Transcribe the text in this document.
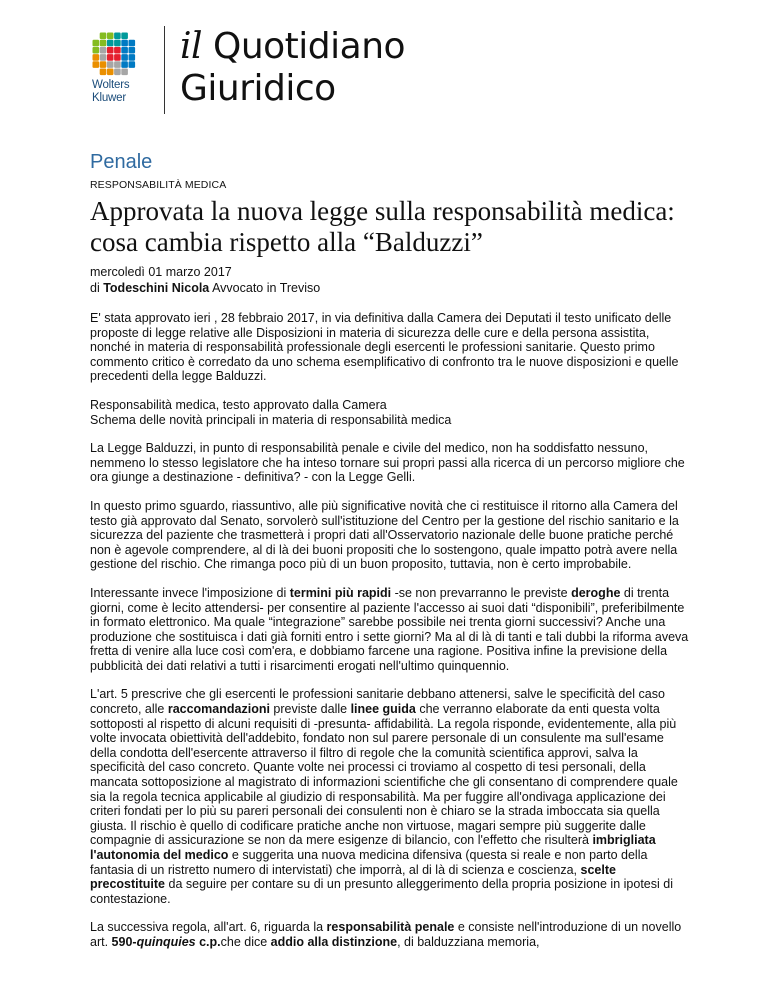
Wolters
Kluwer
il Quotidiano
Giuridico
Penale
RESPONSABILITÀ MEDICA
Approvata la nuova legge sulla responsabilità medica: cosa cambia rispetto alla “Balduzzi”
mercoledì 01 marzo 2017
di Todeschini Nicola Avvocato in Treviso

E' stata approvato ieri , 28 febbraio 2017, in via definitiva dalla Camera dei Deputati il testo unificato delle proposte di legge relative alle Disposizioni in materia di sicurezza delle cure e della persona assistita, nonché in materia di responsabilità professionale degli esercenti le professioni sanitarie. Questo primo commento critico è corredato da uno schema esemplificativo di confronto tra le nuove disposizioni e quelle precedenti della legge Balduzzi.

Responsabilità medica, testo approvato dalla Camera

Schema delle novità principali in materia di responsabilità medica

La Legge Balduzzi, in punto di responsabilità penale e civile del medico, non ha soddisfatto nessuno, nemmeno lo stesso legislatore che ha inteso tornare sui propri passi alla ricerca di un percorso migliore che ora giunge a destinazione - definitiva? - con la Legge Gelli.

In questo primo sguardo, riassuntivo, alle più significative novità che ci restituisce il ritorno alla Camera del testo già approvato dal Senato, sorvolerò sull'istituzione del Centro per la gestione del rischio sanitario e la sicurezza del paziente che trasmetterà i propri dati all'Osservatorio nazionale delle buone pratiche perché non è agevole comprendere, al di là dei buoni propositi che lo sostengono, quale impatto potrà avere nella gestione del rischio. Che rimanga poco più di un buon proposito, tuttavia, non è certo improbabile.

Interessante invece l'imposizione di termini più rapidi -se non prevarranno le previste deroghe di trenta giorni, come è lecito attendersi- per consentire al paziente l'accesso ai suoi dati “disponibili”, preferibilmente in formato elettronico. Ma quale “integrazione” sarebbe possibile nei trenta giorni successivi? Anche una produzione che sostituisca i dati già forniti entro i sette giorni? Ma al di là di tanti e tali dubbi la riforma aveva fretta di venire alla luce così com'era, e dobbiamo farcene una ragione. Positiva infine la previsione della pubblicità dei dati relativi a tutti i risarcimenti erogati nell'ultimo quinquennio.

L'art. 5 prescrive che gli esercenti le professioni sanitarie debbano attenersi, salve le specificità del caso concreto, alle raccomandazioni previste dalle linee guida che verranno elaborate da enti questa volta sottoposti al rispetto di alcuni requisiti di -presunta- affidabilità. La regola risponde, evidentemente, alla più volte invocata obiettività dell'addebito, fondato non sul parere personale di un consulente ma sull'esame della condotta dell'esercente attraverso il filtro di regole che la comunità scientifica approvi, salva la specificità del caso concreto. Quante volte nei processi ci troviamo al cospetto di tesi personali, della mancata sottoposizione al magistrato di informazioni scientifiche che gli consentano di comprendere quale sia la regola tecnica applicabile al giudizio di responsabilità. Ma per fuggire all'ondivaga applicazione dei criteri fondati per lo più su pareri personali dei consulenti non è chiaro se la strada imboccata sia quella giusta. Il rischio è quello di codificare pratiche anche non virtuose, magari sempre più suggerite dalle compagnie di assicurazione se non da mere esigenze di bilancio, con l'effetto che risulterà imbrigliata l'autonomia del medico e suggerita una nuova medicina difensiva (questa si reale e non parto della fantasia di un ristretto numero di intervistati) che imporrà, al di là di scienza e coscienza, scelte precostituite da seguire per contare su di un presunto alleggerimento della propria posizione in ipotesi di contestazione.

La successiva regola, all'art. 6, riguarda la responsabilità penale e consiste nell'introduzione di un novello art. 590-quinquies c.p.che dice addio alla distinzione, di balduzziana memoria,
